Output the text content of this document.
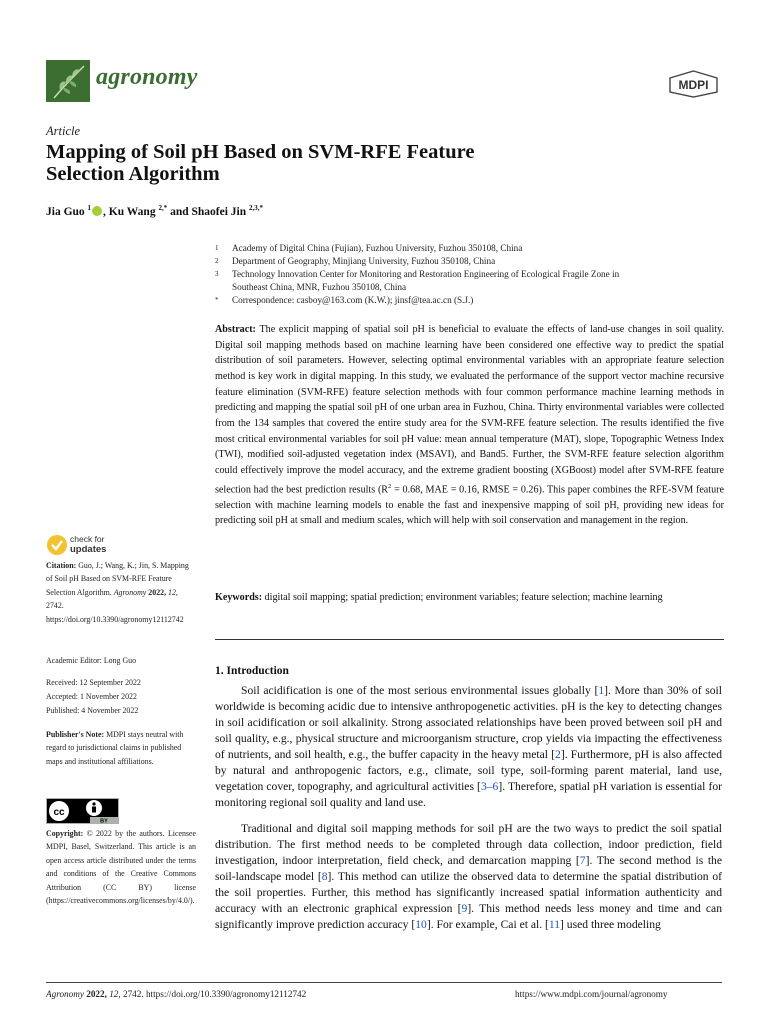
agronomy	MDPI
Article
Mapping of Soil pH Based on SVM-RFE Feature
Selection Algorithm
Jia Guo $^1$ , Ku Wang $^{2,*}$ and Shaofei Jin $^{2,3,*}$
1 Academy of Digital China (Fujian), Fuzhou University, Fuzhou 350108, China
2 Department of Geography, Minjiang University, Fuzhou 350108, China
3 Technology Innovation Center for Monitoring and Restoration Engineering of Ecological Fragile Zone in
Southeast China, MNR, Fuzhou 350108, China
* Correspondence: casboy@163.com (K.W.); jinsf@tea.ac.cn (S.J.)
Abstract: The explicit mapping of spatial soil pH is beneficial to evaluate the effects of land-use changes in soil quality. Digital soil mapping methods based on machine learning have been considered one effective way to predict the spatial distribution of soil parameters. However, selecting optimal environmental variables with an appropriate feature selection method is key work in digital mapping. In this study, we evaluated the performance of the support vector machine recursive feature elimination (SVM-RFE) feature selection methods with four common performance machine learning methods in predicting and mapping the spatial soil pH of one urban area in Fuzhou, China. Thirty environmental variables were collected from the 134 samples that covered the entire study area for the SVM-RFE feature selection. The results identified the five most critical environmental variables for soil pH value: mean annual temperature (MAT), slope, Topographic Wetness Index (TWI), modified soil-adjusted vegetation index (MSAVI), and Band5. Further, the SVM-RFE feature selection algorithm could effectively improve the model accuracy, and the extreme gradient boosting (XGBoost) model after SVM-RFE feature selection had the best prediction results ($R^2 = 0.68$, MAE = 0.16, RMSE = 0.26). This paper combines the RFE-SVM feature selection with machine learning models to enable the fast and inexpensive mapping of soil pH, providing new ideas for predicting soil pH at small and medium scales, which will help with soil conservation and management in the region.
Keywords: digital soil mapping; spatial prediction; environment variables; feature selection; machine learning
1. Introduction
Soil acidification is one of the most serious environmental issues globally [1]. More than 30% of soil worldwide is becoming acidic due to intensive anthropogenetic activities. pH is the key to detecting changes in soil acidification or soil alkalinity. Strong associated relationships have been proved between soil pH and soil quality, e.g., physical structure and microorganism structure, crop yields via impacting the effectiveness of nutrients, and soil health, e.g., the buffer capacity in the heavy metal [2]. Furthermore, pH is also affected by natural and anthropogenic factors, e.g., climate, soil type, soil-forming parent material, land use, vegetation cover, topography, and agricultural activities [3–6]. Therefore, spatial pH variation is essential for monitoring regional soil quality and land use.
Traditional and digital soil mapping methods for soil pH are the two ways to predict the soil spatial distribution. The first method needs to be completed through data collection, indoor prediction, field investigation, indoor interpretation, field check, and demarcation mapping [7]. The second method is the soil-landscape model [8]. This method can utilize the observed data to determine the spatial distribution of the soil properties. Further, this method has significantly increased spatial information authenticity and accuracy with an electronic graphical expression [9]. This method needs less money and time and can significantly improve prediction accuracy [10]. For example, Cai et al. [11] used three modeling
check for
updates
Citation: Guo, J.; Wang, K.; Jin, S. Mapping of Soil pH Based on SVM-RFE Feature Selection Algorithm. Agronomy 2022, 12, 2742. https://doi.org/10.3390/agronomy12112742
Academic Editor: Long Guo
Received: 12 September 2022
Accepted: 1 November 2022
Published: 4 November 2022
Publisher's Note: MDPI stays neutral with regard to jurisdictional claims in published maps and institutional affiliations.
cc
BY
Copyright: © 2022 by the authors. Licensee MDPI, Basel, Switzerland. This article is an open access article distributed under the terms and conditions of the Creative Commons Attribution (CC BY) license (https://creativecommons.org/licenses/by/4.0/).
Agronomy 2022, 12, 2742. https://doi.org/10.3390/agronomy12112742	https://www.mdpi.com/journal/agronomy
